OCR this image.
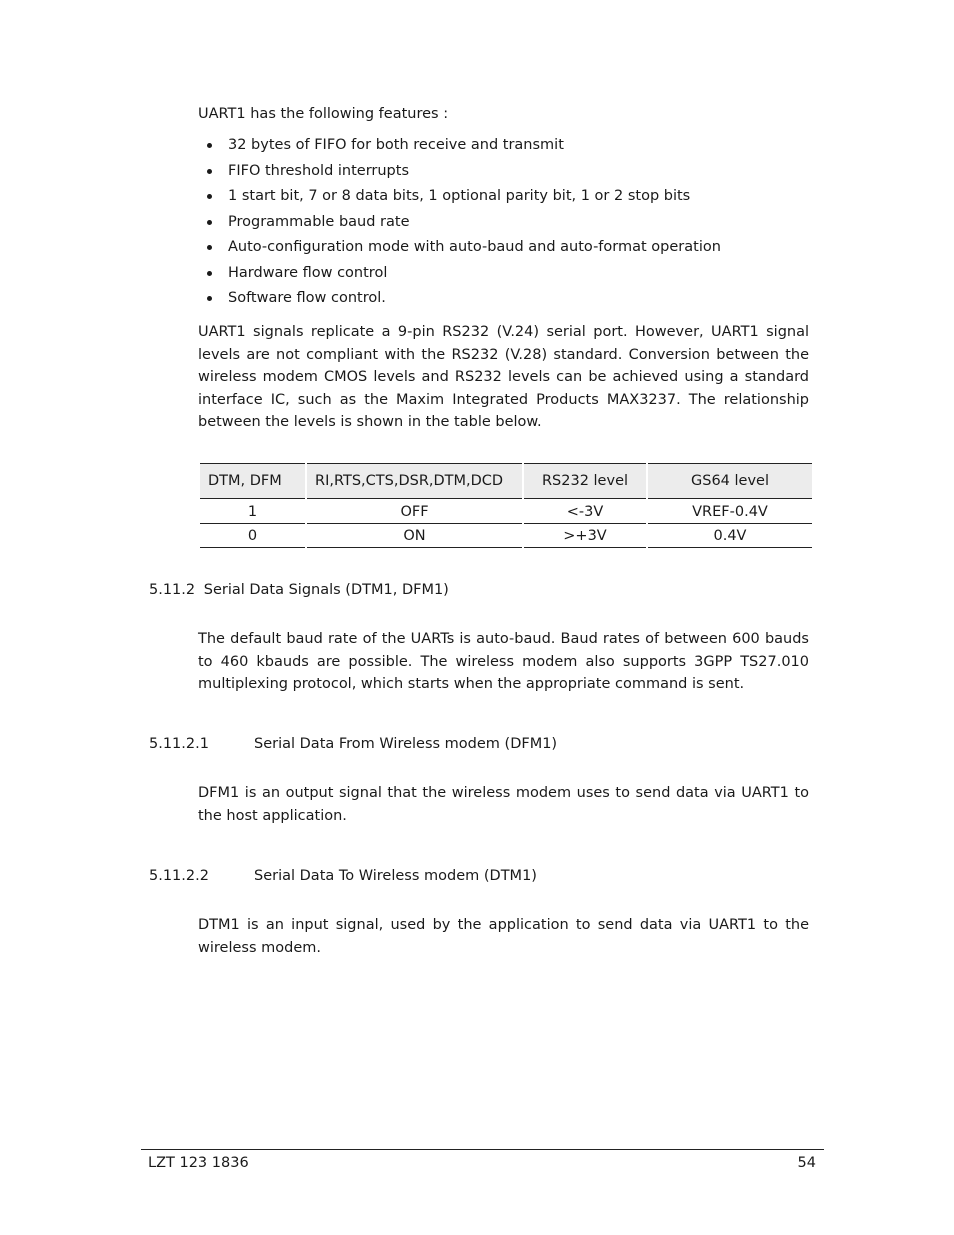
UART1 has the following features :

32 bytes of FIFO for both receive and transmit
FIFO threshold interrupts
1 start bit, 7 or 8 data bits, 1 optional parity bit, 1 or 2 stop bits
Programmable baud rate
Auto-configuration mode with auto-baud and auto-format operation
Hardware flow control
Software flow control.

UART1 signals replicate a 9-pin RS232 (V.24) serial port. However, UART1 signal levels are not compliant with the RS232 (V.28) standard. Conversion between the wireless modem CMOS levels and RS232 levels can be achieved using a standard interface IC, such as the Maxim Integrated Products MAX3237. The relationship between the levels is shown in the table below.

DTM, DFM	RI,RTS,CTS,DSR,DTM,DCD	RS232 level	GS64 level
1	OFF	<-3V	VREF-0.4V
0	ON	>+3V	0.4V
5.11.2 Serial Data Signals (DTM1, DFM1)

The default baud rate of the UARTs is auto-baud. Baud rates of between 600 bauds to 460 kbauds are possible. The wireless modem also supports 3GPP TS27.010 multiplexing protocol, which starts when the appropriate command is sent.

5.11.2.1	Serial Data From Wireless modem (DFM1)

DFM1 is an output signal that the wireless modem uses to send data via UART1 to the host application.

5.11.2.2	Serial Data To Wireless modem (DTM1)

DTM1 is an input signal, used by the application to send data via UART1 to the wireless modem.

LZT 123 1836	54
